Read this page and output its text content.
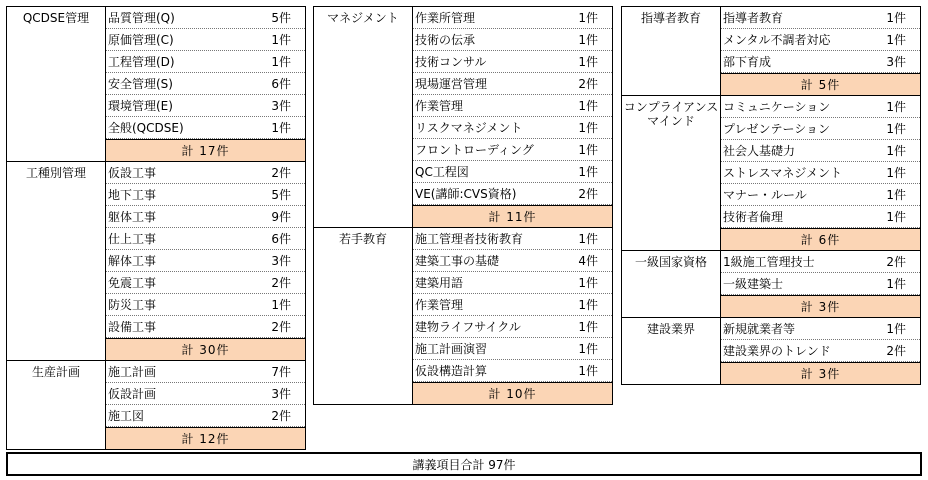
QCDSE管理	品質管理(Q)	5件
原価管理(C)	1件
工程管理(D)	1件
安全管理(S)	6件
環境管理(E)	3件
全般(QCDSE)	1件
計 17件
工種別管理	仮設工事	2件
地下工事	5件
躯体工事	9件
仕上工事	6件
解体工事	3件
免震工事	2件
防災工事	1件
設備工事	2件
計 30件
生産計画	施工計画	7件
仮設計画	3件
施工図	2件
計 12件
マネジメント	作業所管理	1件
技術の伝承	1件
技術コンサル	1件
現場運営管理	2件
作業管理	1件
リスクマネジメント	1件
フロントローディング	1件
QC工程図	1件
VE(講師:CVS資格)	2件
計 11件
若手教育	施工管理者技術教育	1件
建築工事の基礎	4件
建築用語	1件
作業管理	1件
建物ライフサイクル	1件
施工計画演習	1件
仮設構造計算	1件
計 10件
指導者教育	指導者教育	1件
メンタル不調者対応	1件
部下育成	3件
計 5件
コンプライアンス
マインド
コミュニケーション	1件
プレゼンテーション	1件
社会人基礎力	1件
ストレスマネジメント	1件
マナー・ルール	1件
技術者倫理	1件
計 6件
一級国家資格	1級施工管理技士	2件
一級建築士	1件
計 3件
建設業界	新規就業者等	1件
建設業界のトレンド	2件
計 3件
講義項目合計 97件
